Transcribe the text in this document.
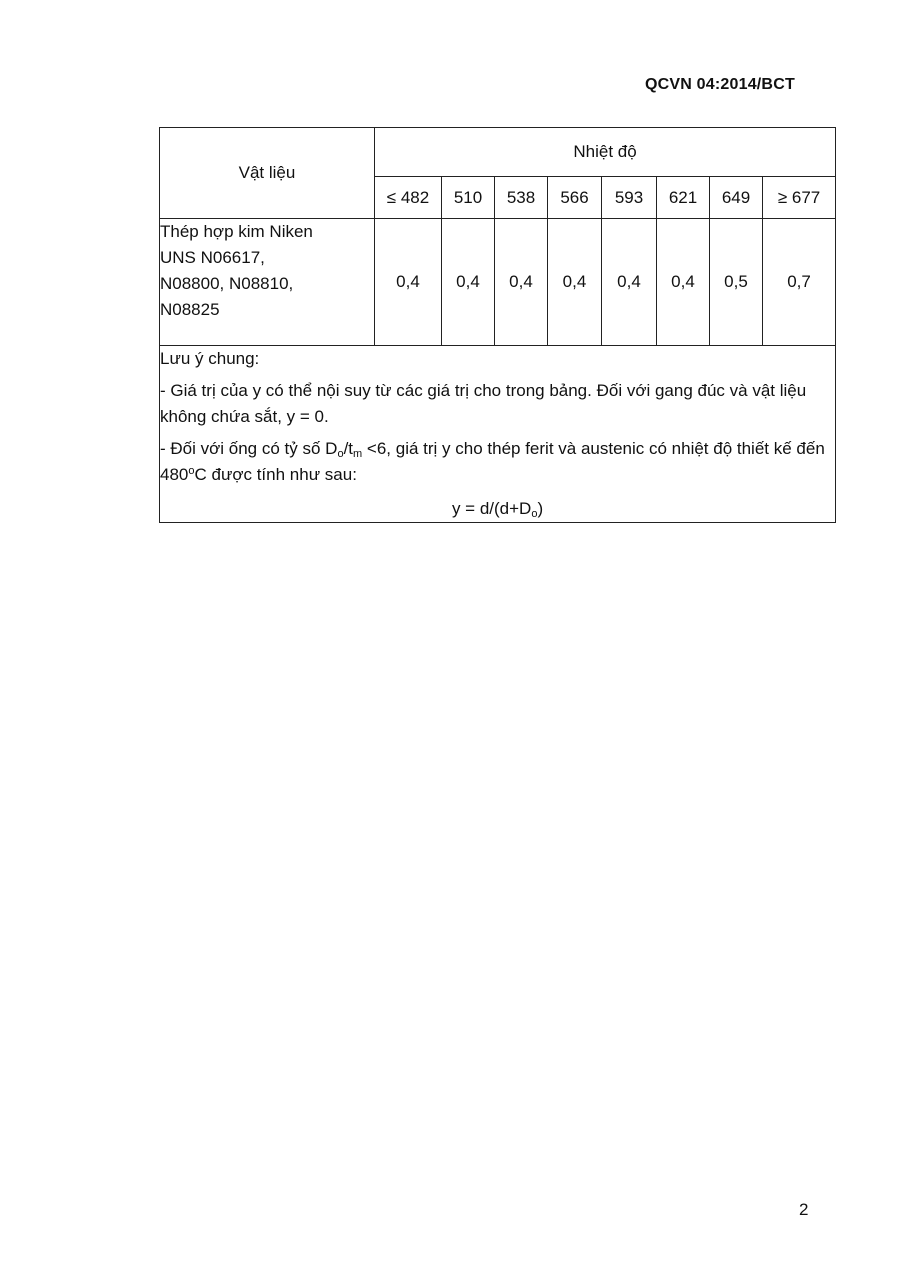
QCVN 04:2014/BCT
Vật liệu	Nhiệt độ							
	≤ 482	510	538	566	593	621	649	≥ 677

Thép hợp kim Niken
UNS N06617,
N08800, N08810,
N08825	0,4	0,4	0,4	0,4	0,4	0,4	0,5	0,7

Lưu ý chung:

- Giá trị của y có thể nội suy từ các giá trị cho trong bảng. Đối với gang đúc và vật liệu không chứa sắt, y = 0.

- Đối với ống có tỷ số $D_o/t_m <6$, giá trị y cho thép ferit và austenic có nhiệt độ thiết kế đến 480$^o$C được tính như sau:

$y = d/(d+D_o)$								

2
